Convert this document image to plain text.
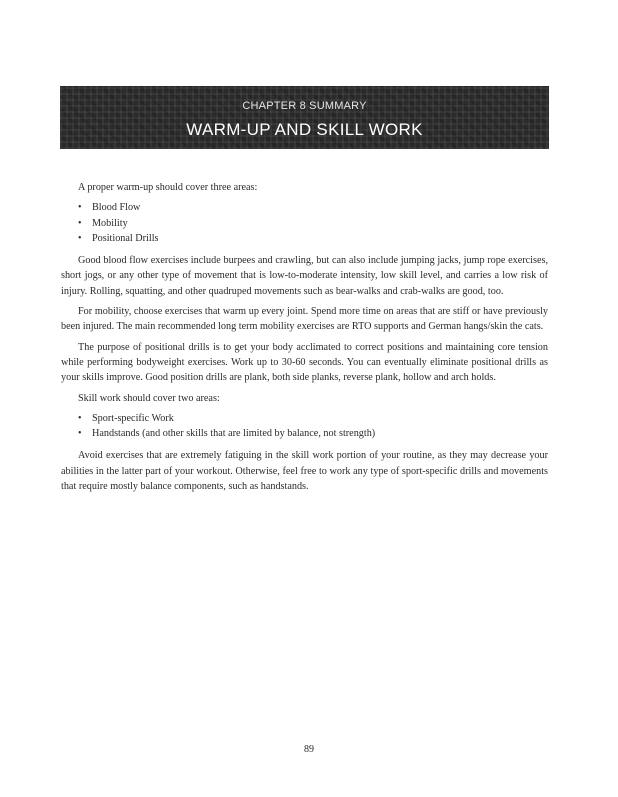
CHAPTER 8 SUMMARY
WARM-UP AND SKILL WORK

A proper warm-up should cover three areas:

• Blood Flow
• Mobility
• Positional Drills

Good blood flow exercises include burpees and crawling, but can also include jumping jacks, jump rope exercises, short jogs, or any other type of movement that is low-to-moderate intensity, low skill level, and carries a low risk of injury. Rolling, squatting, and other quadruped movements such as bear-walks and crab-walks are good, too.

For mobility, choose exercises that warm up every joint. Spend more time on areas that are stiff or have previously been injured. The main recommended long term mobility exercises are RTO supports and German hangs/skin the cats.

The purpose of positional drills is to get your body acclimated to correct positions and maintaining core tension while performing bodyweight exercises. Work up to 30-60 seconds. You can eventually eliminate positional drills as your skills improve. Good position drills are plank, both side planks, reverse plank, hollow and arch holds.

Skill work should cover two areas:

• Sport-specific Work
• Handstands (and other skills that are limited by balance, not strength)

Avoid exercises that are extremely fatiguing in the skill work portion of your routine, as they may decrease your abilities in the latter part of your workout. Otherwise, feel free to work any type of sport-specific drills and movements that require mostly balance components, such as handstands.

89
